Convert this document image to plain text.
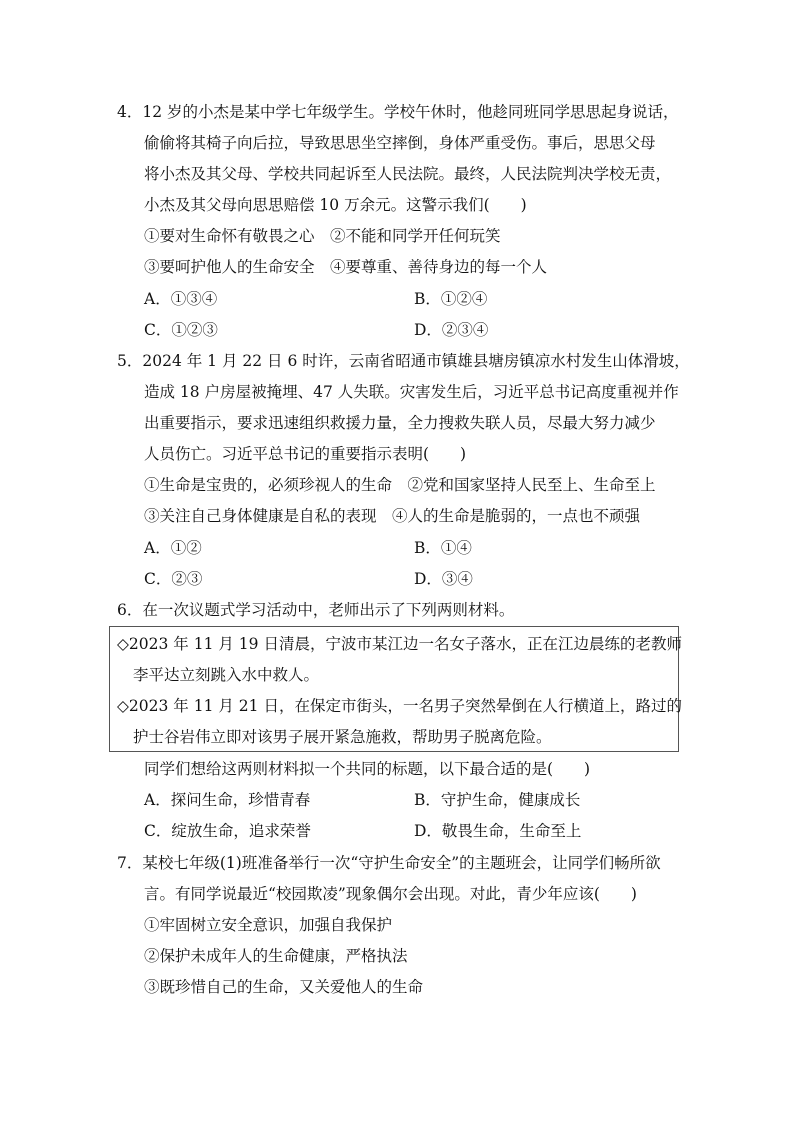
4．12 岁的小杰是某中学七年级学生。学校午休时，他趁同班同学思思起身说话，
偷偷将其椅子向后拉，导致思思坐空摔倒，身体严重受伤。事后，思思父母
将小杰及其父母、学校共同起诉至人民法院。最终，人民法院判决学校无责，
小杰及其父母向思思赔偿 10 万余元。这警示我们(　　)
①要对生命怀有敬畏之心　②不能和同学开任何玩笑
③要呵护他人的生命安全　④要尊重、善待身边的每一个人
A．①③④	B．①②④
C．①②③	D．②③④
5．2024 年 1 月 22 日 6 时许，云南省昭通市镇雄县塘房镇凉水村发生山体滑坡，
造成 18 户房屋被掩埋、47 人失联。灾害发生后，习近平总书记高度重视并作
出重要指示，要求迅速组织救援力量，全力搜救失联人员，尽最大努力减少
人员伤亡。习近平总书记的重要指示表明(　　)
①生命是宝贵的，必须珍视人的生命　②党和国家坚持人民至上、生命至上
③关注自己身体健康是自私的表现　④人的生命是脆弱的，一点也不顽强
A．①②	B．①④
C．②③	D．③④
6．在一次议题式学习活动中，老师出示了下列两则材料。
◇2023 年 11 月 19 日清晨，宁波市某江边一名女子落水，正在江边晨练的老教师
李平达立刻跳入水中救人。
◇2023 年 11 月 21 日，在保定市街头，一名男子突然晕倒在人行横道上，路过的
护士谷岩伟立即对该男子展开紧急施救，帮助男子脱离危险。
同学们想给这两则材料拟一个共同的标题，以下最合适的是(　　)
A．探问生命，珍惜青春	B．守护生命，健康成长
C．绽放生命，追求荣誉	D．敬畏生命，生命至上
7．某校七年级(1)班准备举行一次“守护生命安全”的主题班会，让同学们畅所欲
言。有同学说最近“校园欺凌”现象偶尔会出现。对此，青少年应该(　　)
①牢固树立安全意识，加强自我保护
②保护未成年人的生命健康，严格执法
③既珍惜自己的生命，又关爱他人的生命
